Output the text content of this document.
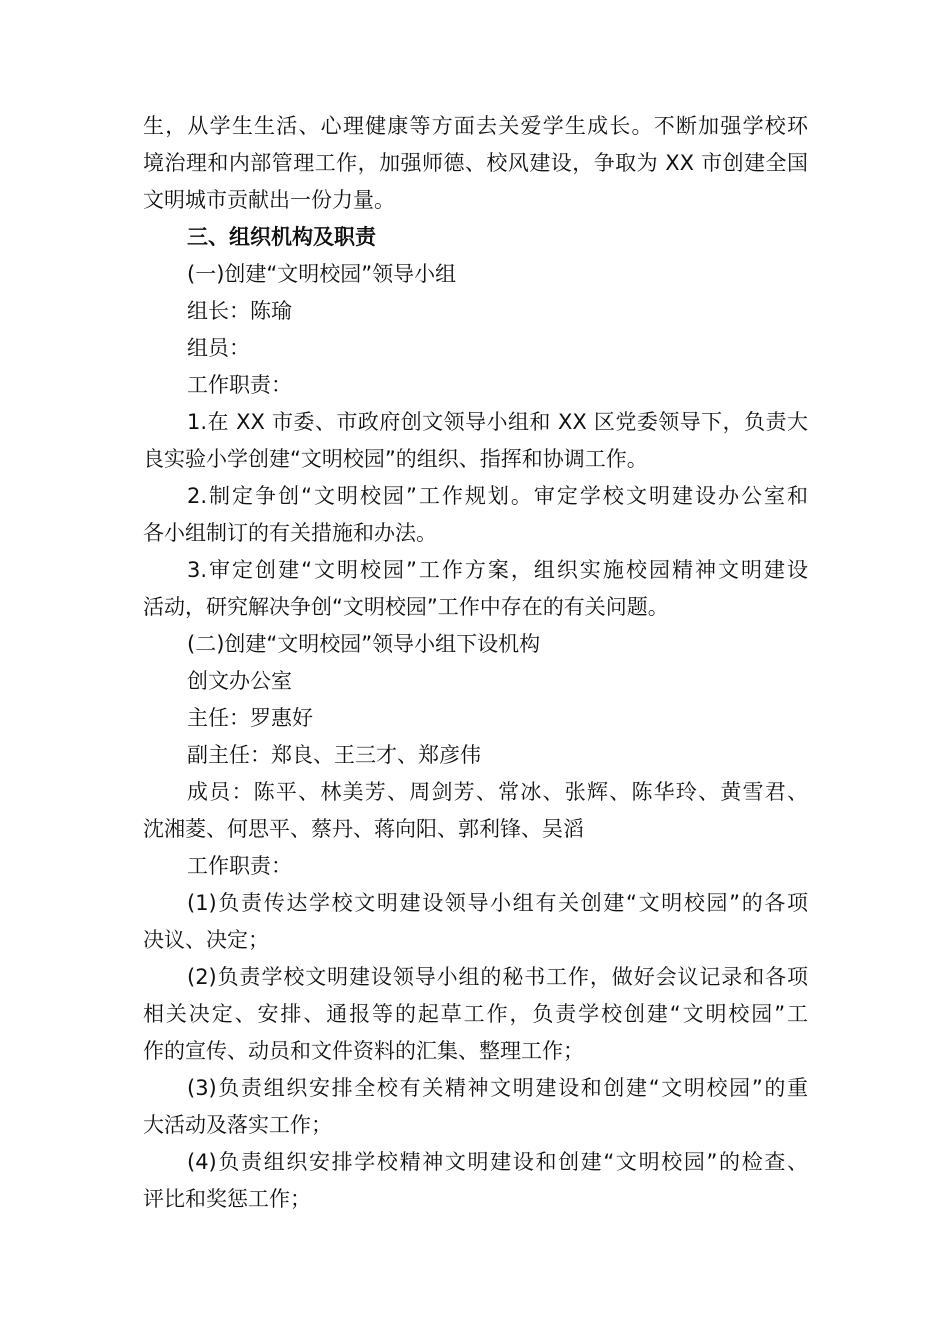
生，从学生生活、心理健康等方面去关爱学生成长。不断加强学校环
境治理和内部管理工作，加强师德、校风建设，争取为 XX 市创建全国
文明城市贡献出一份力量。
三、组织机构及职责
(一)创建“文明校园”领导小组
组长：陈瑜
组员：
工作职责：
1.在 XX 市委、市政府创文领导小组和 XX 区党委领导下，负责大
良实验小学创建“文明校园”的组织、指挥和协调工作。
2.制定争创“文明校园”工作规划。审定学校文明建设办公室和
各小组制订的有关措施和办法。
3.审定创建“文明校园”工作方案，组织实施校园精神文明建设
活动，研究解决争创“文明校园”工作中存在的有关问题。
(二)创建“文明校园”领导小组下设机构
创文办公室
主任：罗惠好
副主任：郑良、王三才、郑彦伟
成员：陈平、林美芳、周剑芳、常冰、张辉、陈华玲、黄雪君、
沈湘菱、何思平、蔡丹、蒋向阳、郭利锋、吴滔
工作职责：
(1)负责传达学校文明建设领导小组有关创建“文明校园”的各项
决议、决定；
(2)负责学校文明建设领导小组的秘书工作，做好会议记录和各项
相关决定、安排、通报等的起草工作，负责学校创建“文明校园”工
作的宣传、动员和文件资料的汇集、整理工作；
(3)负责组织安排全校有关精神文明建设和创建“文明校园”的重
大活动及落实工作；
(4)负责组织安排学校精神文明建设和创建“文明校园”的检查、
评比和奖惩工作；
